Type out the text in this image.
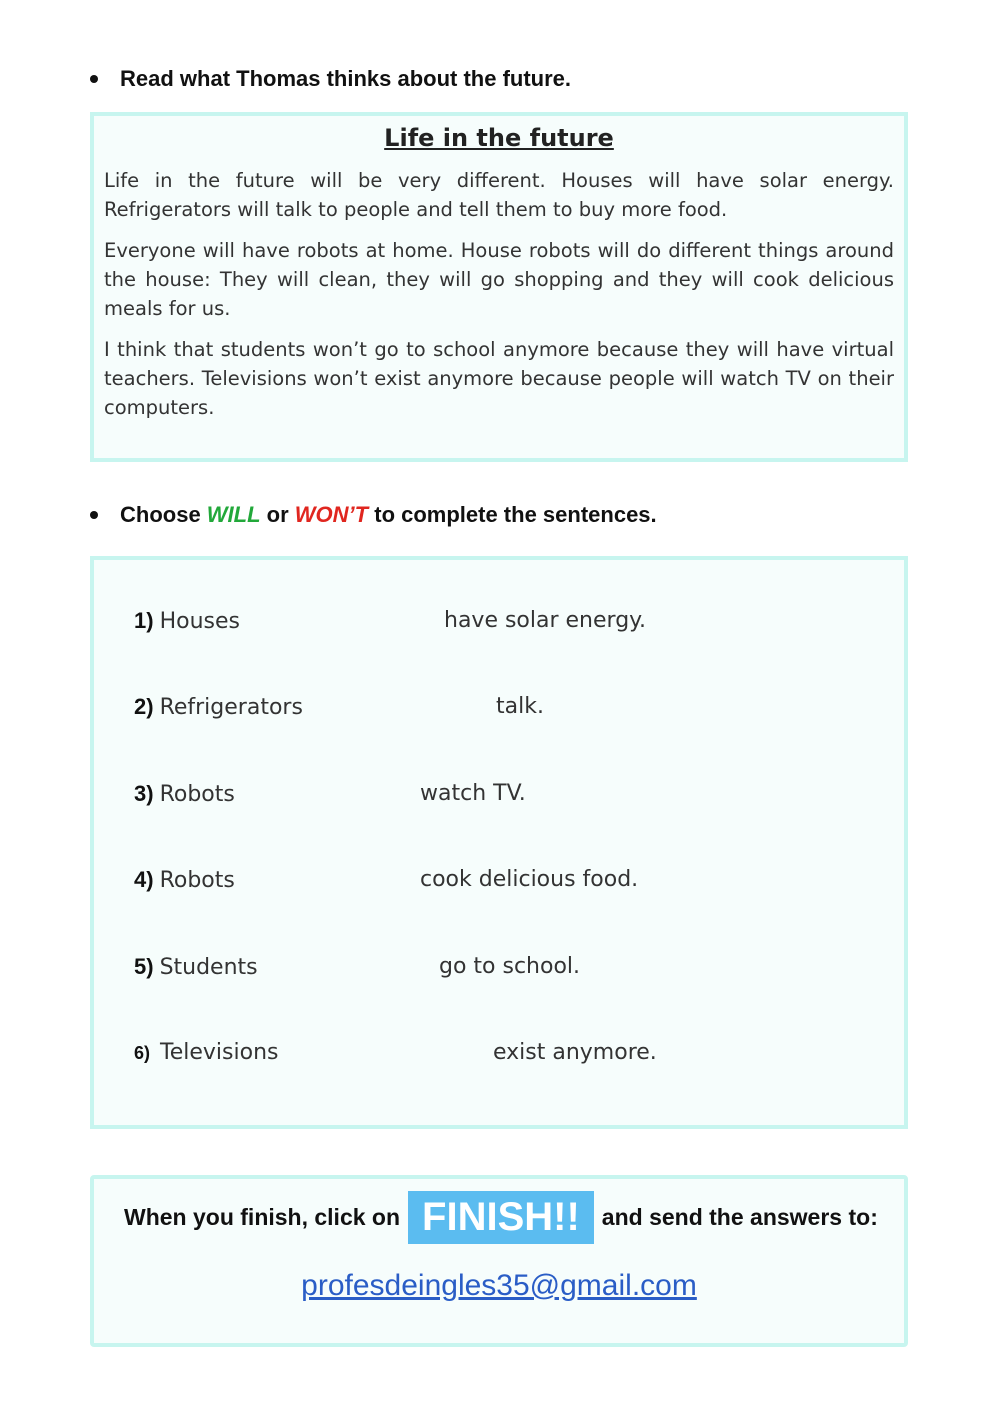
Read what Thomas thinks about the future.
Life in the future

Life in the future will be very different. Houses will have solar energy. Refrigerators will talk to people and tell them to buy more food.

Everyone will have robots at home. House robots will do different things around the house: They will clean, they will go shopping and they will cook delicious meals for us.

I think that students won’t go to school anymore because they will have virtual teachers. Televisions won’t exist anymore because people will watch TV on their computers.

Choose WILL or WON’T to complete the sentences.
1) Houses	have solar energy.
2) Refrigerators	talk.
3) Robots	watch TV.
4) Robots	cook delicious food.
5) Students	go to school.
6) Televisions	exist anymore.
When you finish, click on FINISH!! and send the answers to:
profesdeingles35@gmail.com
